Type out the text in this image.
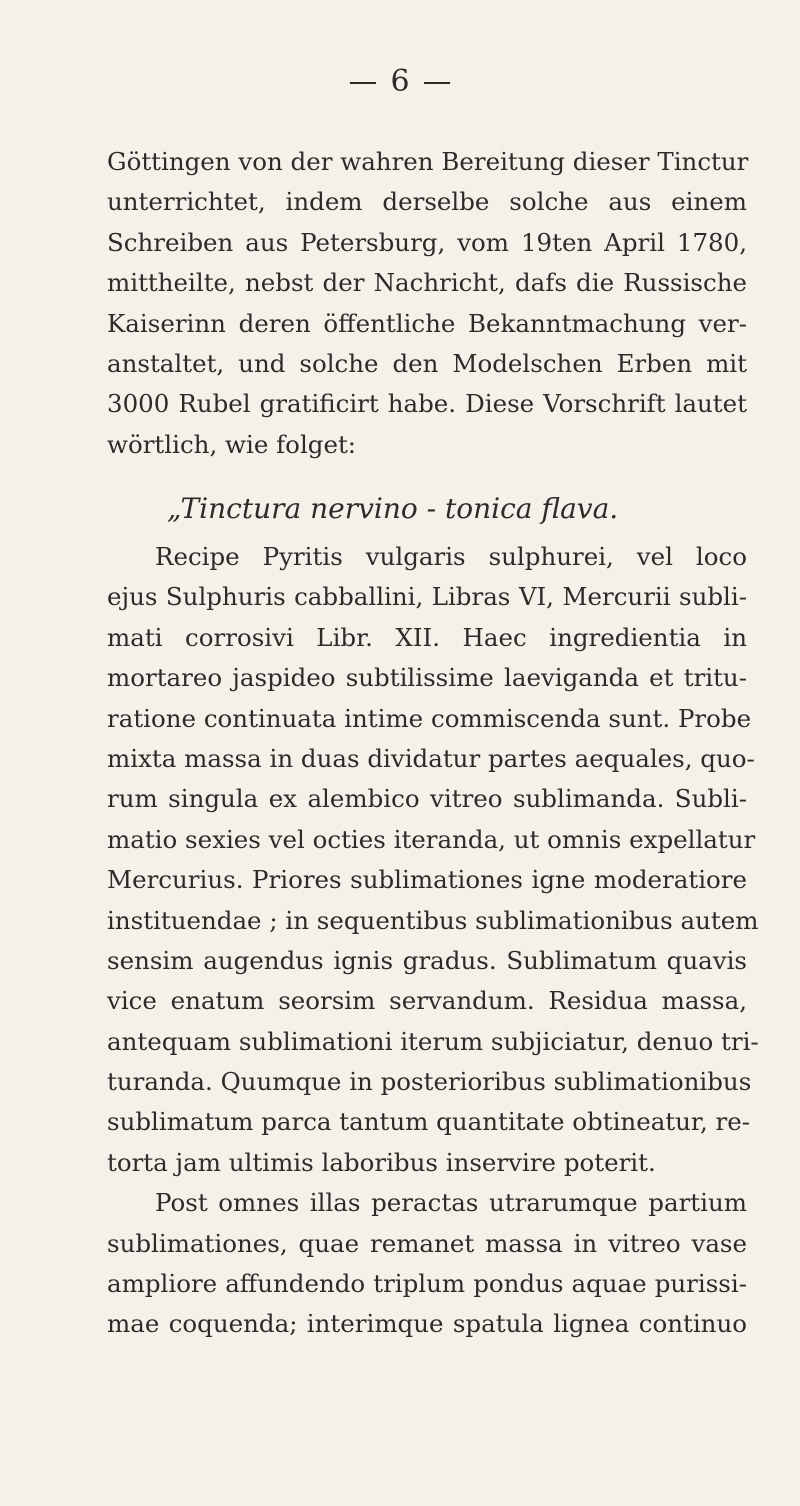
6
Göttingen von der wahren Bereitung dieser Tinctur
unterrichtet, indem derselbe solche aus einem
Schreiben aus Petersburg, vom 19ten April 1780,
mittheilte, nebst der Nachricht, dafs die Russische
Kaiserinn deren öffentliche Bekanntmachung ver-
anstaltet, und solche den Modelschen Erben mit
3000 Rubel gratificirt habe. Diese Vorschrift lautet
wörtlich, wie folget:
„Tinctura nervino - tonica flava.
Recipe Pyritis vulgaris sulphurei, vel loco
ejus Sulphuris cabballini, Libras VI, Mercurii subli-
mati corrosivi Libr. XII. Haec ingredientia in
mortareo jaspideo subtilissime laeviganda et tritu-
ratione continuata intime commiscenda sunt. Probe
mixta massa in duas dividatur partes aequales, quo-
rum singula ex alembico vitreo sublimanda. Subli-
matio sexies vel octies iteranda, ut omnis expellatur
Mercurius. Priores sublimationes igne moderatiore
instituendae ; in sequentibus sublimationibus autem
sensim augendus ignis gradus. Sublimatum quavis
vice enatum seorsim servandum. Residua massa,
antequam sublimationi iterum subjiciatur, denuo tri-
turanda. Quumque in posterioribus sublimationibus
sublimatum parca tantum quantitate obtineatur, re-
torta jam ultimis laboribus inservire poterit.
Post omnes illas peractas utrarumque partium
sublimationes, quae remanet massa in vitreo vase
ampliore affundendo triplum pondus aquae purissi-
mae coquenda; interimque spatula lignea continuo
